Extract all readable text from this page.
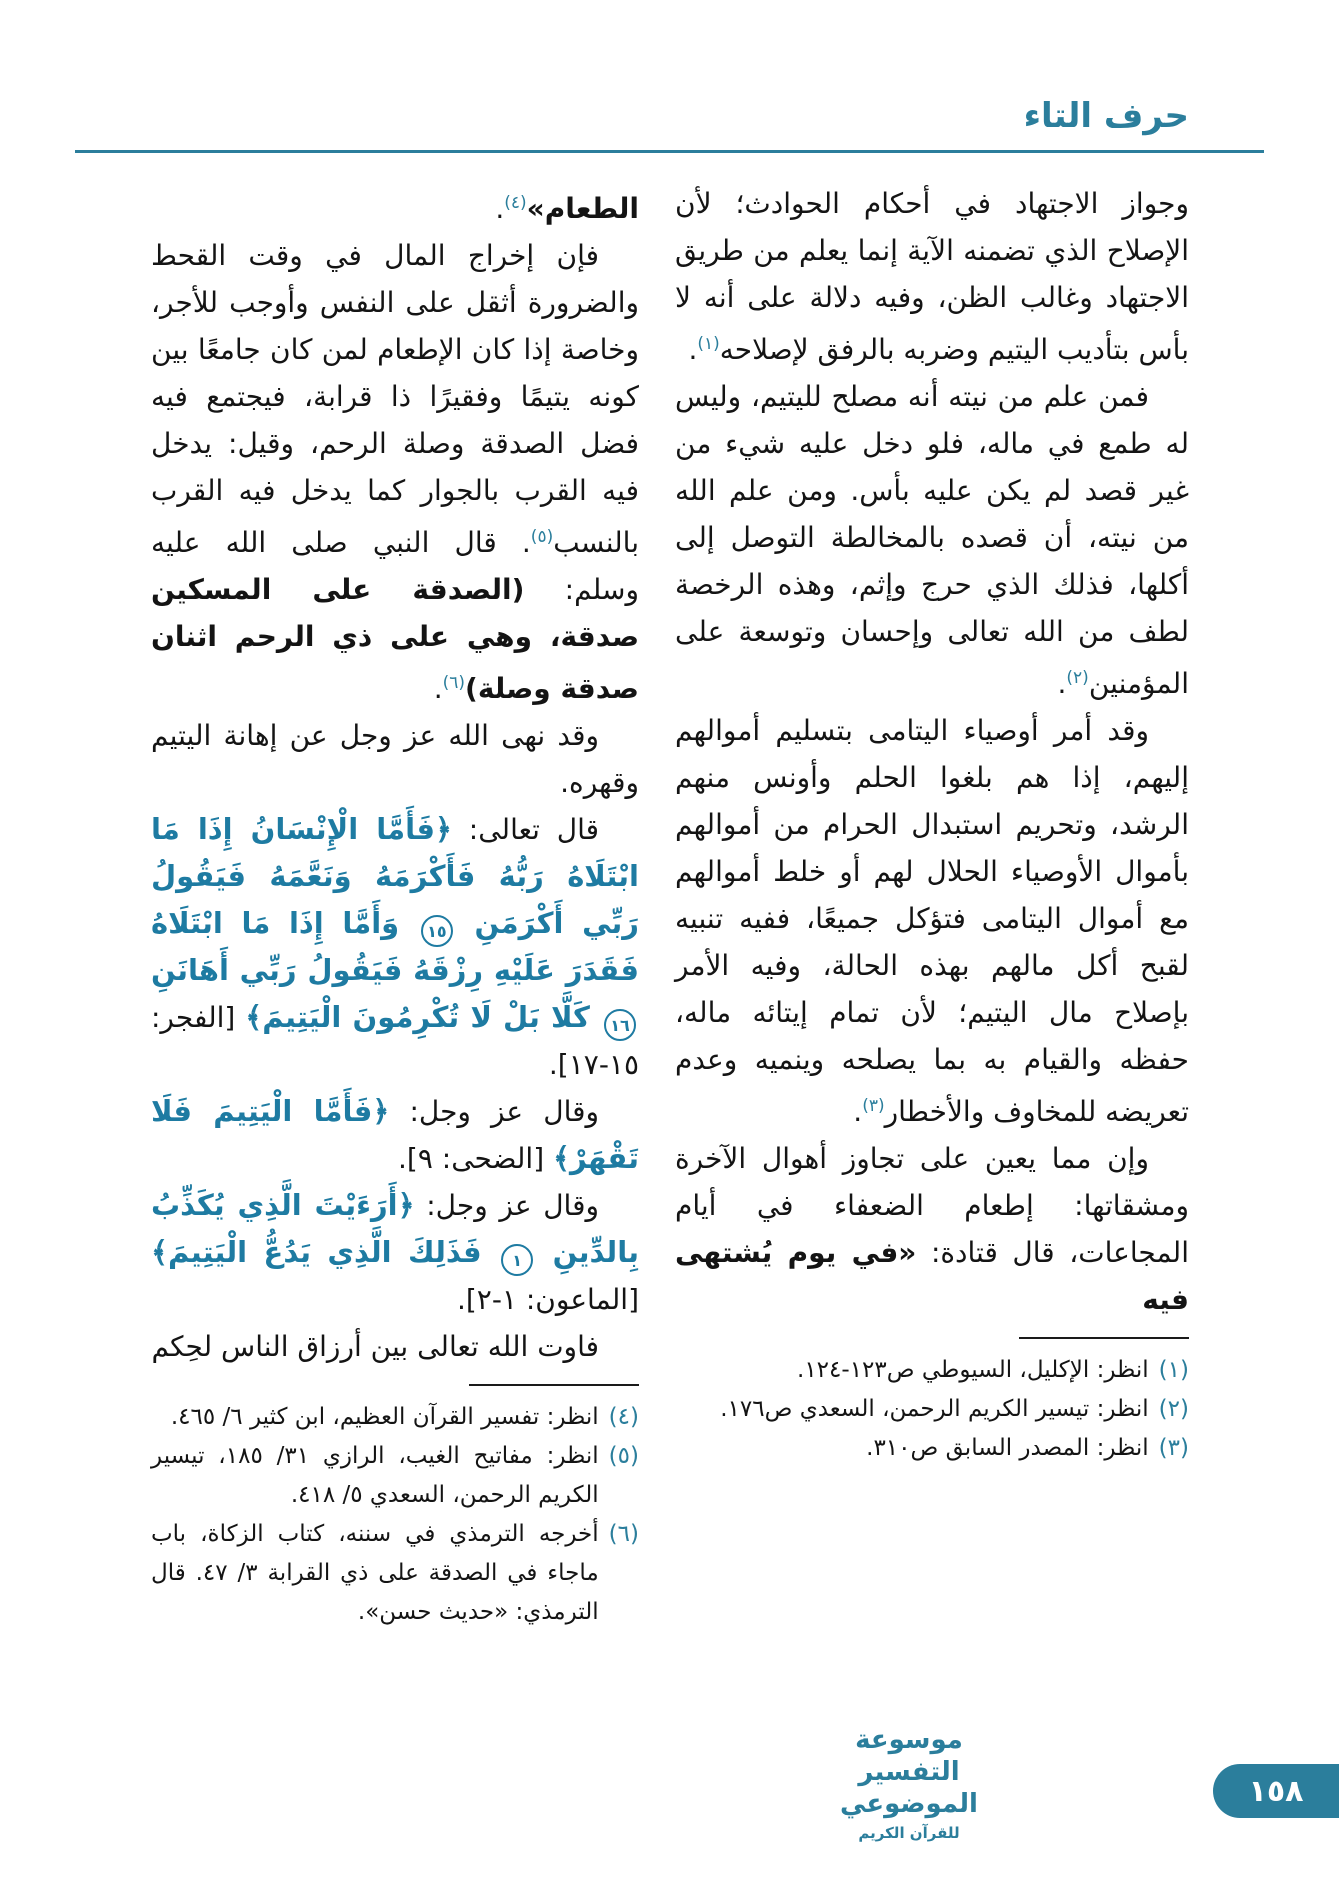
حرف التاء

وجواز الاجتهاد في أحكام الحوادث؛ لأن الإصلاح الذي تضمنه الآية إنما يعلم من طريق الاجتهاد وغالب الظن، وفيه دلالة على أنه لا بأس بتأديب اليتيم وضربه بالرفق لإصلاحه$^{(١)}$.

فمن علم من نيته أنه مصلح لليتيم، وليس له طمع في ماله، فلو دخل عليه شيء من غير قصد لم يكن عليه بأس. ومن علم الله من نيته، أن قصده بالمخالطة التوصل إلى أكلها، فذلك الذي حرج وإثم، وهذه الرخصة لطف من الله تعالى وإحسان وتوسعة على المؤمنين$^{(٢)}$.

وقد أمر أوصياء اليتامى بتسليم أموالهم إليهم، إذا هم بلغوا الحلم وأونس منهم الرشد، وتحريم استبدال الحرام من أموالهم بأموال الأوصياء الحلال لهم أو خلط أموالهم مع أموال اليتامى فتؤكل جميعًا، ففيه تنبيه لقبح أكل مالهم بهذه الحالة، وفيه الأمر بإصلاح مال اليتيم؛ لأن تمام إيتائه ماله، حفظه والقيام به بما يصلحه وينميه وعدم تعريضه للمخاوف والأخطار$^{(٣)}$.

وإن مما يعين على تجاوز أهوال الآخرة ومشقاتها: إطعام الضعفاء في أيام المجاعات، قال قتادة: «في يوم يُشتهى فيه

(١)
انظر: الإكليل، السيوطي ص١٢٣-١٢٤.
(٢)
انظر: تيسير الكريم الرحمن، السعدي ص١٧٦.
(٣)
انظر: المصدر السابق ص٣١٠.

الطعام»$^{(٤)}$.

فإن إخراج المال في وقت القحط والضرورة أثقل على النفس وأوجب للأجر، وخاصة إذا كان الإطعام لمن كان جامعًا بين كونه يتيمًا وفقيرًا ذا قرابة، فيجتمع فيه فضل الصدقة وصلة الرحم، وقيل: يدخل فيه القرب بالجوار كما يدخل فيه القرب بالنسب$^{(٥)}$. قال النبي صلى الله عليه وسلم: (الصدقة على المسكين صدقة، وهي على ذي الرحم اثنان صدقة وصلة)$^{(٦)}$.

وقد نهى الله عز وجل عن إهانة اليتيم وقهره.

قال تعالى: ﴿فَأَمَّا الْإِنْسَانُ إِذَا مَا ابْتَلَاهُ رَبُّهُ فَأَكْرَمَهُ وَنَعَّمَهُ فَيَقُولُ رَبِّي أَكْرَمَنِ ١٥ وَأَمَّا إِذَا مَا ابْتَلَاهُ فَقَدَرَ عَلَيْهِ رِزْقَهُ فَيَقُولُ رَبِّي أَهَانَنِ ١٦ كَلَّا بَلْ لَا تُكْرِمُونَ الْيَتِيمَ﴾ [الفجر: ١٥-١٧].

وقال عز وجل: ﴿فَأَمَّا الْيَتِيمَ فَلَا تَقْهَرْ﴾ [الضحى: ٩].

وقال عز وجل: ﴿أَرَءَيْتَ الَّذِي يُكَذِّبُ بِالدِّينِ ١ فَذَلِكَ الَّذِي يَدُعُّ الْيَتِيمَ﴾ [الماعون: ١-٢].

فاوت الله تعالى بين أرزاق الناس لحِكم

(٤)
انظر: تفسير القرآن العظيم، ابن كثير ٦/ ٤٦٥.
(٥)
انظر: مفاتيح الغيب، الرازي ٣١/ ١٨٥، تيسير الكريم الرحمن، السعدي ٥/ ٤١٨.
(٦)
أخرجه الترمذي في سننه، كتاب الزكاة، باب ماجاء في الصدقة على ذي القرابة ٣/ ٤٧. قال الترمذي: «حديث حسن».
موسوعة التفسير الموضوعي
للقرآن الكريم
١٥٨
